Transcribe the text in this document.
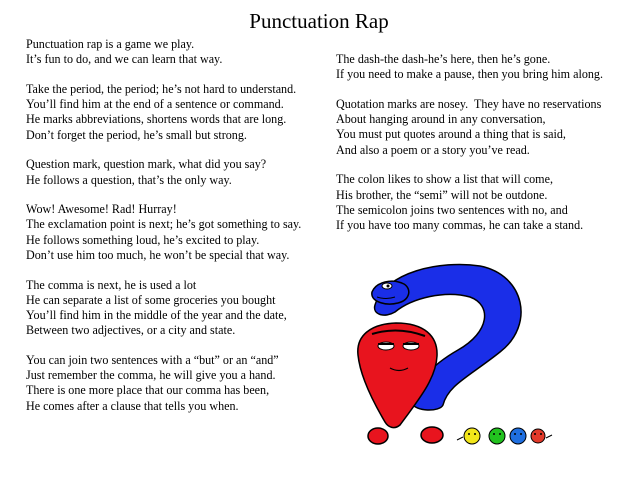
Punctuation Rap
Punctuation rap is a game we play.
It’s fun to do, and we can learn that way.
Take the period, the period; he’s not hard to understand.
You’ll find him at the end of a sentence or command.
He marks abbreviations, shortens words that are long.
Don’t forget the period, he’s small but strong.
Question mark, question mark, what did you say?
He follows a question, that’s the only way.
Wow! Awesome! Rad! Hurray!
The exclamation point is next; he’s got something to say.
He follows something loud, he’s excited to play.
Don’t use him too much, he won’t be special that way.
The comma is next, he is used a lot
He can separate a list of some groceries you bought
You’ll find him in the middle of the year and the date,
Between two adjectives, or a city and state.
You can join two sentences with a “but” or an “and”
Just remember the comma, he will give you a hand.
There is one more place that our comma has been,
He comes after a clause that tells you when.
The dash-the dash-he’s here, then he’s gone.
If you need to make a pause, then you bring him along.
Quotation marks are nosey.  They have no reservations
About hanging around in any conversation,
You must put quotes around a thing that is said,
And also a poem or a story you’ve read.
The colon likes to show a list that will come,
His brother, the “semi” will not be outdone.
The semicolon joins two sentences with no, and
If you have too many commas, he can take a stand.
